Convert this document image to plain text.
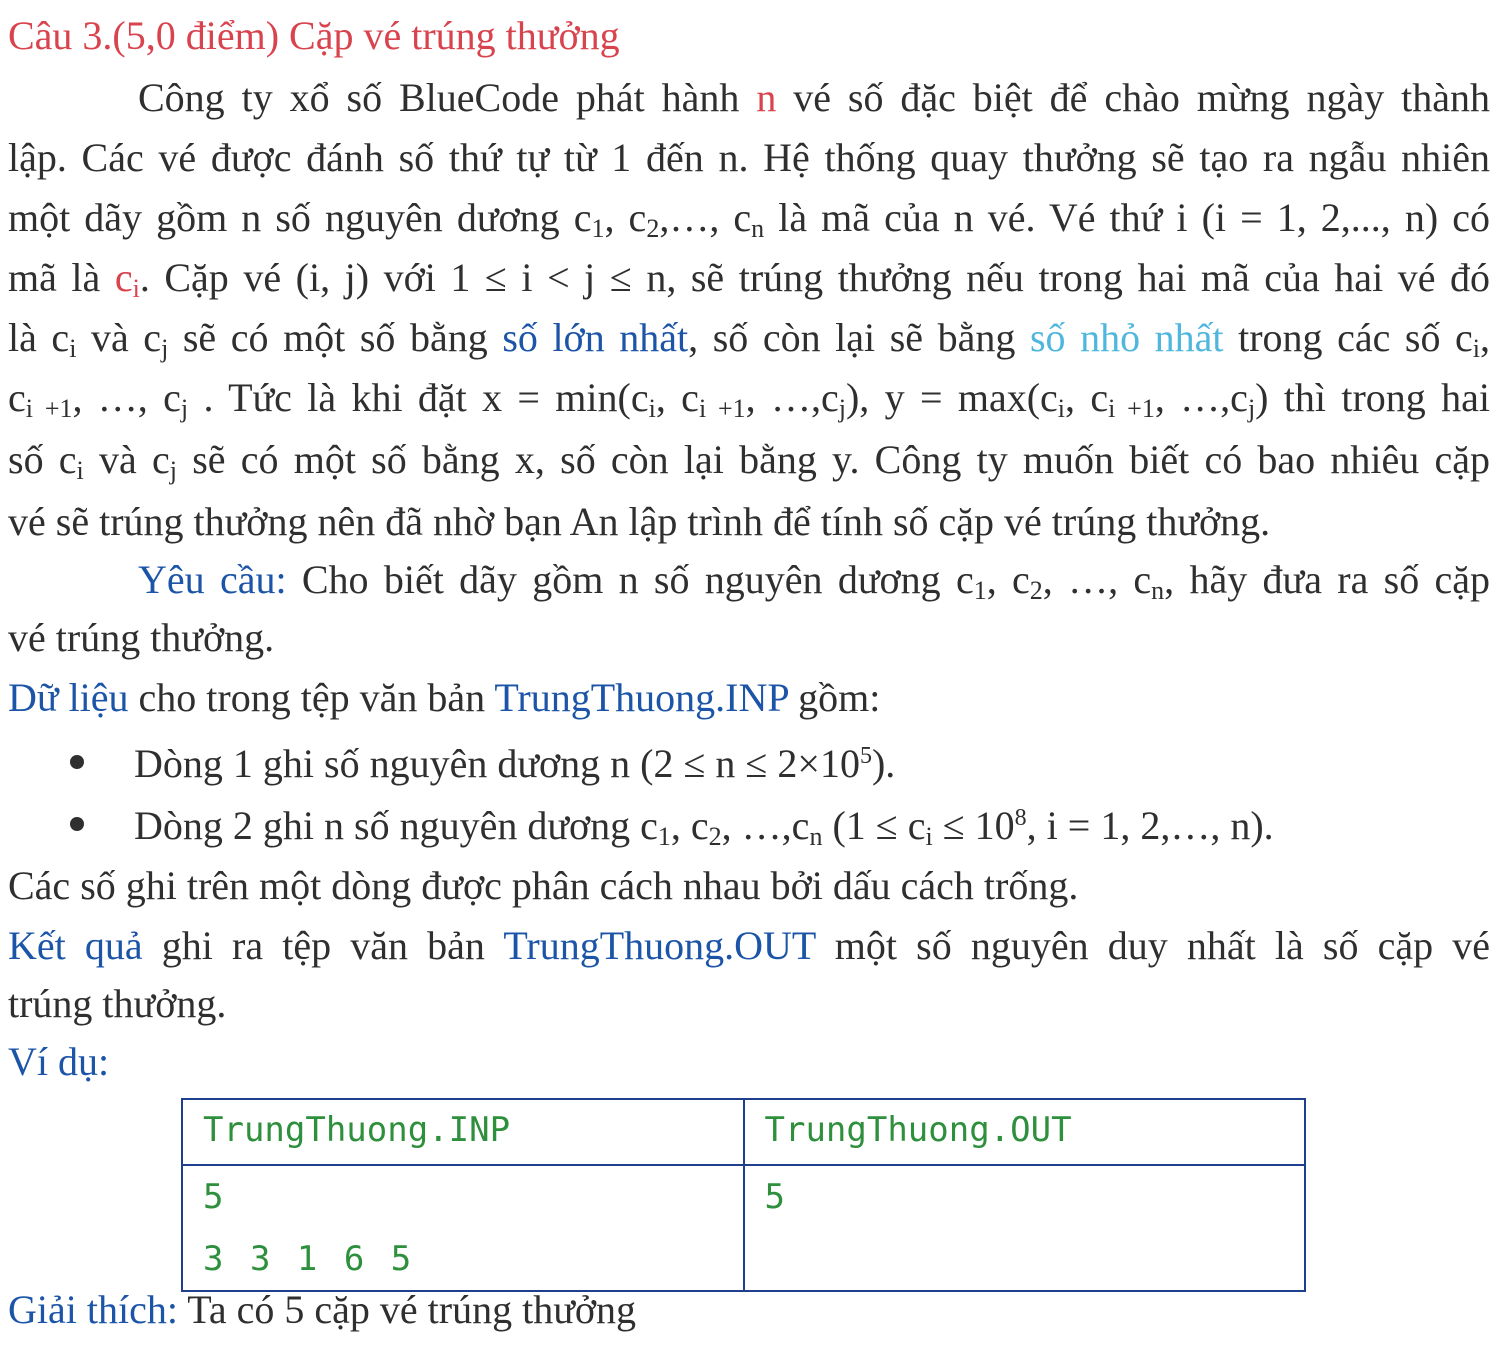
Câu 3.(5,0 điểm) Cặp vé trúng thưởng
Công ty xổ số BlueCode phát hành n vé số đặc biệt để chào mừng ngày thành
lập. Các vé được đánh số thứ tự từ 1 đến n. Hệ thống quay thưởng sẽ tạo ra ngẫu nhiên
một dãy gồm n số nguyên dương $c_1$, $c_2,\dots$, $c_n$ là mã của n vé. Vé thứ i (i = 1, 2,..., n) có
mã là $c_i$. Cặp vé (i, j) với 1 ≤ i < j ≤ n, sẽ trúng thưởng nếu trong hai mã của hai vé đó
là $c_i$ và $c_j$ sẽ có một số bằng số lớn nhất, số còn lại sẽ bằng số nhỏ nhất trong các số $c_i$,
$c_{i +1}$, …, $c_j$ . Tức là khi đặt $x = \min(c_i$, $c_{i +1}$, $\dots,c_j$), $y = \max(c_i$, $c_{i +1}$, $\dots,c_j$) thì trong hai
số $c_i$ và $c_j$ sẽ có một số bằng x, số còn lại bằng y. Công ty muốn biết có bao nhiêu cặp
vé sẽ trúng thưởng nên đã nhờ bạn An lập trình để tính số cặp vé trúng thưởng.
Yêu cầu: Cho biết dãy gồm n số nguyên dương $c_1$, $c_2$, …, $c_n$, hãy đưa ra số cặp
vé trúng thưởng.
Dữ liệu cho trong tệp văn bản TrungThuong.INP gồm:
Dòng 1 ghi số nguyên dương n $(2 \le n \le 2\times 10^5)$.
Dòng 2 ghi n số nguyên dương $c_1$, $c_2$, $\dots,c_n$ ($1 \le c_i \le 10^8$, i = 1, 2,…, n).
Các số ghi trên một dòng được phân cách nhau bởi dấu cách trống.
Kết quả ghi ra tệp văn bản TrungThuong.OUT một số nguyên duy nhất là số cặp vé
trúng thưởng.
Ví dụ:
TrungThuong.INP	TrungThuong.OUT

5
3 3 1 6 5	5
Giải thích: Ta có 5 cặp vé trúng thưởng
